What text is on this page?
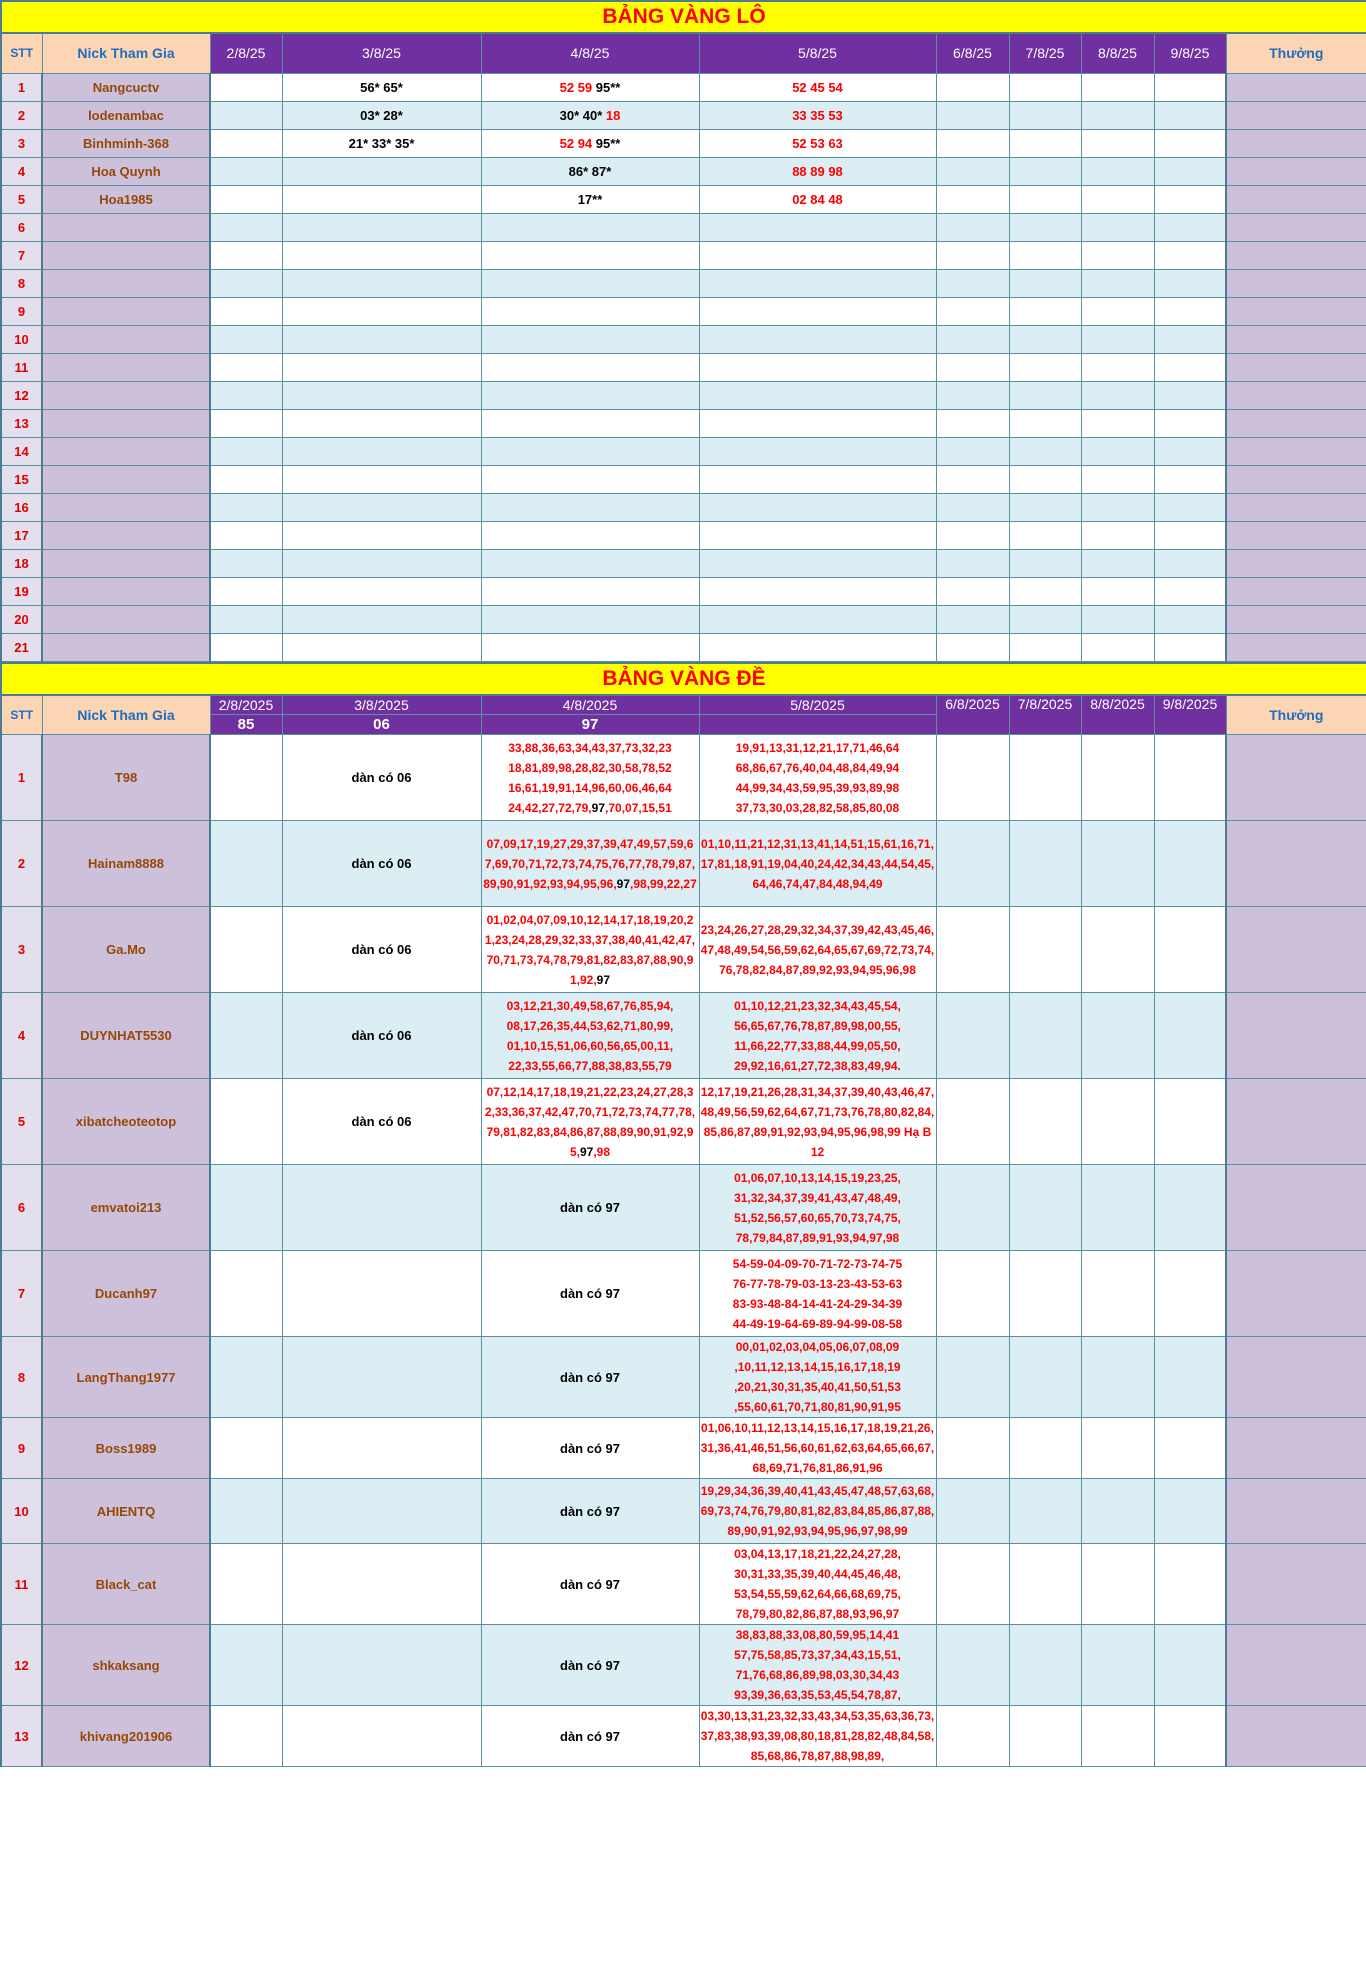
BẢNG VÀNG LÔ										
STT	Nick Tham Gia	2/8/25	3/8/25	4/8/25	5/8/25	6/8/25	7/8/25	8/8/25	9/8/25	Thưởng
1	Nangcuctv		56* 65*	52 59 95**	52 45 54					
2	lodenambac		03* 28*	30* 40* 18	33 35 53					
3	Binhminh-368		21* 33* 35*	52 94 95**	52 53 63					
4	Hoa Quynh			86* 87*	88 89 98					
5	Hoa1985			17**	02 84 48					
6										
7										
8										
9										
10										
11										
12										
13										
14										
15										
16										
17										
18										
19										
20										
21										
BẢNG VÀNG ĐỀ										
STT	Nick Tham Gia	2/8/2025	3/8/2025	4/8/2025	5/8/2025	6/8/2025	7/8/2025	8/8/2025	9/8/2025	Thưởng
		85	06	97						
1	T98		dàn có 06	33,88,36,63,34,43,37,73,32,23
18,81,89,98,28,82,30,58,78,52
16,61,19,91,14,96,60,06,46,64
24,42,27,72,79,97,70,07,15,51	19,91,13,31,12,21,17,71,46,64
68,86,67,76,40,04,48,84,49,94
44,99,34,43,59,95,39,93,89,98
37,73,30,03,28,82,58,85,80,08					
2	Hainam8888		dàn có 06	07,09,17,19,27,29,37,39,47,49,57,59,67,69,70,71,72,73,74,75,76,77,78,79,87,89,90,91,92,93,94,95,96,97,98,99,22,27	01,10,11,21,12,31,13,41,14,51,15,61,16,71,17,81,18,91,19,04,40,24,42,34,43,44,54,45,64,46,74,47,84,48,94,49					
3	Ga.Mo		dàn có 06	01,02,04,07,09,10,12,14,17,18,19,20,21,23,24,28,29,32,33,37,38,40,41,42,47,70,71,73,74,78,79,81,82,83,87,88,90,91,92,97	23,24,26,27,28,29,32,34,37,39,42,43,45,46,47,48,49,54,56,59,62,64,65,67,69,72,73,74,76,78,82,84,87,89,92,93,94,95,96,98					
4	DUYNHAT5530		dàn có 06	03,12,21,30,49,58,67,76,85,94,
08,17,26,35,44,53,62,71,80,99,
01,10,15,51,06,60,56,65,00,11,
22,33,55,66,77,88,38,83,55,79	01,10,12,21,23,32,34,43,45,54,
56,65,67,76,78,87,89,98,00,55,
11,66,22,77,33,88,44,99,05,50,
29,92,16,61,27,72,38,83,49,94.					
5	xibatcheoteotop		dàn có 06	07,12,14,17,18,19,21,22,23,24,27,28,32,33,36,37,42,47,70,71,72,73,74,77,78,79,81,82,83,84,86,87,88,89,90,91,92,95,97,98	12,17,19,21,26,28,31,34,37,39,40,43,46,47,48,49,56,59,62,64,67,71,73,76,78,80,82,84,85,86,87,89,91,92,93,94,95,96,98,99 Hạ B12					
6	emvatoi213			dàn có 97	01,06,07,10,13,14,15,19,23,25,
31,32,34,37,39,41,43,47,48,49,
51,52,56,57,60,65,70,73,74,75,
78,79,84,87,89,91,93,94,97,98					
7	Ducanh97			dàn có 97	54-59-04-09-70-71-72-73-74-75
76-77-78-79-03-13-23-43-53-63
83-93-48-84-14-41-24-29-34-39
44-49-19-64-69-89-94-99-08-58					
8	LangThang1977			dàn có 97	00,01,02,03,04,05,06,07,08,09
,10,11,12,13,14,15,16,17,18,19
,20,21,30,31,35,40,41,50,51,53
,55,60,61,70,71,80,81,90,91,95					
9	Boss1989			dàn có 97	01,06,10,11,12,13,14,15,16,17,18,19,21,26,31,36,41,46,51,56,60,61,62,63,64,65,66,67,68,69,71,76,81,86,91,96					
10	AHIENTQ			dàn có 97	19,29,34,36,39,40,41,43,45,47,48,57,63,68,69,73,74,76,79,80,81,82,83,84,85,86,87,88,89,90,91,92,93,94,95,96,97,98,99					
11	Black_cat			dàn có 97	03,04,13,17,18,21,22,24,27,28,
30,31,33,35,39,40,44,45,46,48,
53,54,55,59,62,64,66,68,69,75,
78,79,80,82,86,87,88,93,96,97					
12	shkaksang			dàn có 97	38,83,88,33,08,80,59,95,14,41
57,75,58,85,73,37,34,43,15,51,
71,76,68,86,89,98,03,30,34,43
93,39,36,63,35,53,45,54,78,87,					
13	khivang201906			dàn có 97	03,30,13,31,23,32,33,43,34,53,35,63,36,73,37,83,38,93,39,08,80,18,81,28,82,48,84,58,85,68,86,78,87,88,98,89,					
